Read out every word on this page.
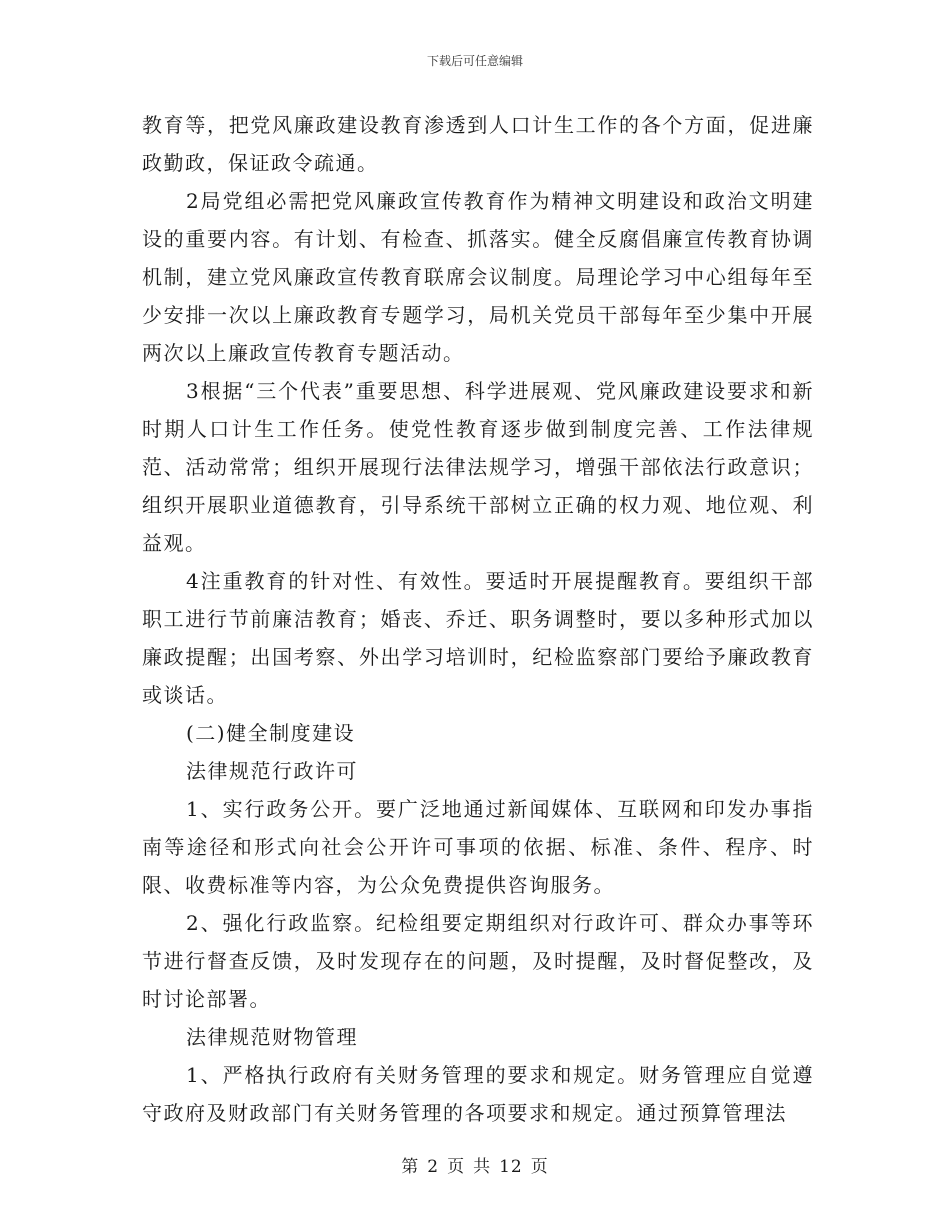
下载后可任意编辑

教育等，把党风廉政建设教育渗透到人口计生工作的各个方面，促进廉政勤政，保证政令疏通。

2局党组必需把党风廉政宣传教育作为精神文明建设和政治文明建设的重要内容。有计划、有检查、抓落实。健全反腐倡廉宣传教育协调机制，建立党风廉政宣传教育联席会议制度。局理论学习中心组每年至少安排一次以上廉政教育专题学习，局机关党员干部每年至少集中开展两次以上廉政宣传教育专题活动。

3根据“三个代表”重要思想、科学进展观、党风廉政建设要求和新时期人口计生工作任务。使党性教育逐步做到制度完善、工作法律规范、活动常常；组织开展现行法律法规学习，增强干部依法行政意识；组织开展职业道德教育，引导系统干部树立正确的权力观、地位观、利益观。

4注重教育的针对性、有效性。要适时开展提醒教育。要组织干部职工进行节前廉洁教育；婚丧、乔迁、职务调整时，要以多种形式加以廉政提醒；出国考察、外出学习培训时，纪检监察部门要给予廉政教育或谈话。

(二)健全制度建设

法律规范行政许可

1、实行政务公开。要广泛地通过新闻媒体、互联网和印发办事指南等途径和形式向社会公开许可事项的依据、标准、条件、程序、时限、收费标准等内容，为公众免费提供咨询服务。

2、强化行政监察。纪检组要定期组织对行政许可、群众办事等环节进行督查反馈，及时发现存在的问题，及时提醒，及时督促整改，及时讨论部署。

法律规范财物管理

1、严格执行政府有关财务管理的要求和规定。财务管理应自觉遵守政府及财政部门有关财务管理的各项要求和规定。通过预算管理法

第 2 页 共 12 页
